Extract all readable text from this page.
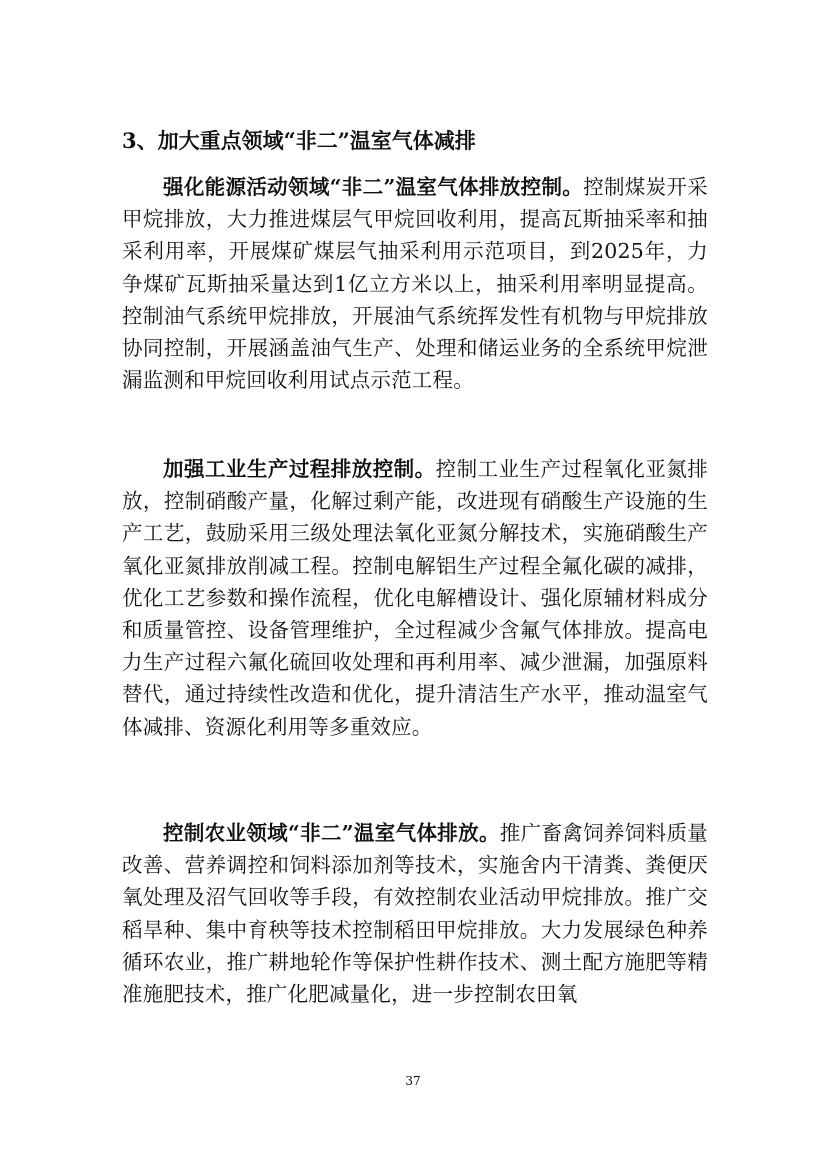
3、加大重点领域“非二”温室气体减排

强化能源活动领域“非二”温室气体排放控制。控制煤炭开采甲烷排放，大力推进煤层气甲烷回收利用，提高瓦斯抽采率和抽采利用率，开展煤矿煤层气抽采利用示范项目，到2025年，力争煤矿瓦斯抽采量达到1亿立方米以上，抽采利用率明显提高。控制油气系统甲烷排放，开展油气系统挥发性有机物与甲烷排放协同控制，开展涵盖油气生产、处理和储运业务的全系统甲烷泄漏监测和甲烷回收利用试点示范工程。

加强工业生产过程排放控制。控制工业生产过程氧化亚氮排放，控制硝酸产量，化解过剩产能，改进现有硝酸生产设施的生产工艺，鼓励采用三级处理法氧化亚氮分解技术，实施硝酸生产氧化亚氮排放削减工程。控制电解铝生产过程全氟化碳的减排，优化工艺参数和操作流程，优化电解槽设计、强化原辅材料成分和质量管控、设备管理维护，全过程减少含氟气体排放。提高电力生产过程六氟化硫回收处理和再利用率、减少泄漏，加强原料替代，通过持续性改造和优化，提升清洁生产水平，推动温室气体减排、资源化利用等多重效应。

控制农业领域“非二”温室气体排放。推广畜禽饲养饲料质量改善、营养调控和饲料添加剂等技术，实施舍内干清粪、粪便厌氧处理及沼气回收等手段，有效控制农业活动甲烷排放。推广交稻旱种、集中育秧等技术控制稻田甲烷排放。大力发展绿色种养循环农业，推广耕地轮作等保护性耕作技术、测土配方施肥等精准施肥技术，推广化肥减量化，进一步控制农田氧

37
